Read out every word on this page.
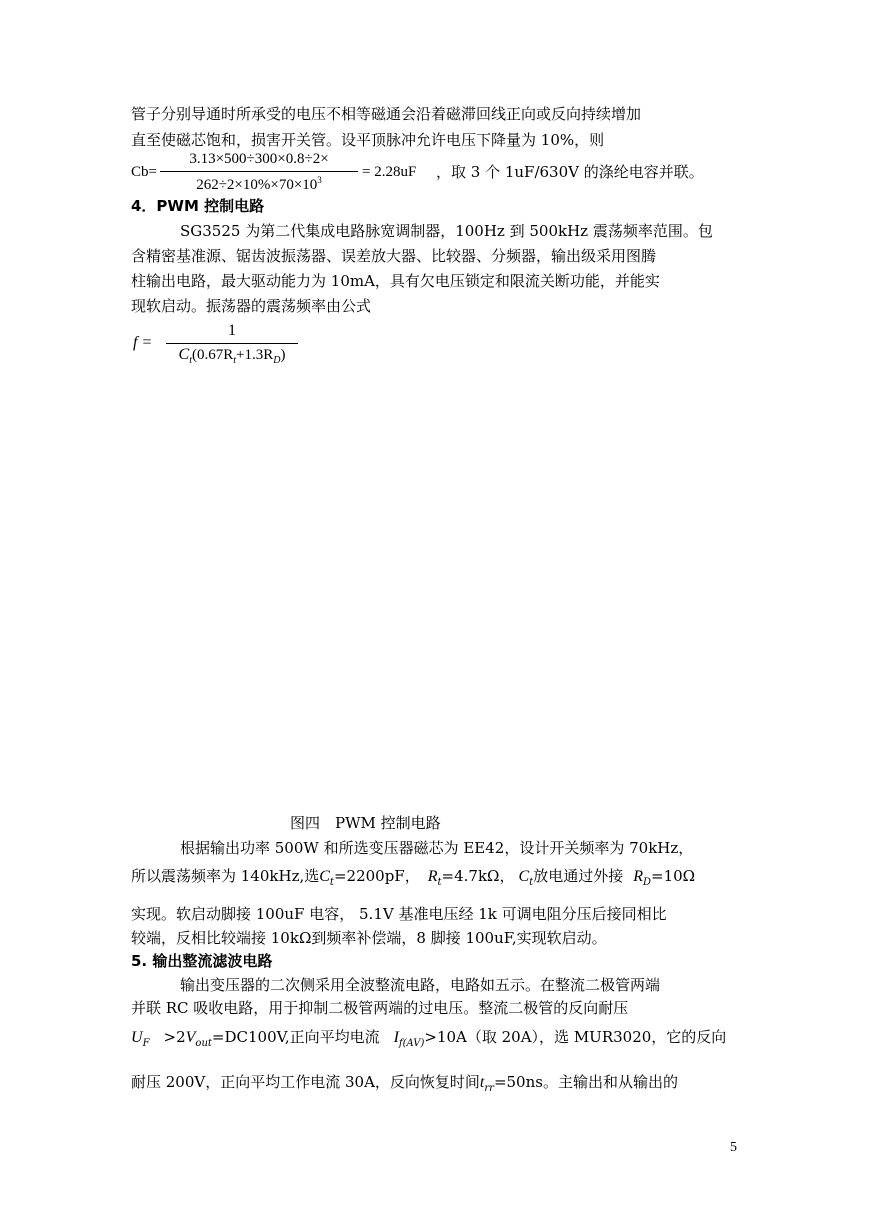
管子分别导通时所承受的电压不相等磁通会沿着磁滞回线正向或反向持续增加
直至使磁芯饱和，损害开关管。设平顶脉冲允许电压下降量为 10%，则
Cb=
3.13×500÷300×0.8÷2×
$262\div 2\times 10\%\times 70\times 10^3$	= 2.28uF ，取 3 个 1uF/630V 的涤纶电容并联。
4．PWM 控制电路
SG3525 为第二代集成电路脉宽调制器，100Hz 到 500kHz 震荡频率范围。包
含精密基准源、锯齿波振荡器、误差放大器、比较器、分频器，输出级采用图腾
柱输出电路，最大驱动能力为 10mA，具有欠电压锁定和限流关断功能，并能实
现软启动。振荡器的震荡频率由公式
f =
1
$C_t(0.67R_t+1.3R_D)$
图四　PWM 控制电路
根据输出功率 500W 和所选变压器磁芯为 EE42，设计开关频率为 70kHz，
所以震荡频率为 140kHz,选$C_t=2200pF$， $R_t=4.7k\Omega$， $C_t$放电通过外接 $R_D=10\Omega$
实现。软启动脚接 100uF 电容， 5.1V 基准电压经 1k 可调电阻分压后接同相比
较端，反相比较端接 10kΩ到频率补偿端，8 脚接 100uF,实现软启动。
5. 输出整流滤波电路
输出变压器的二次侧采用全波整流电路，电路如五示。在整流二极管两端
并联 RC 吸收电路，用于抑制二极管两端的过电压。整流二极管的反向耐压
$U_F >2V_{out}=DC100V$,正向平均电流 $I_{f(AV)}>10A$（取 20A），选 MUR3020，它的反向
耐压 200V，正向平均工作电流 30A，反向恢复时间$t_{rr}=50ns$。主输出和从输出的
5
